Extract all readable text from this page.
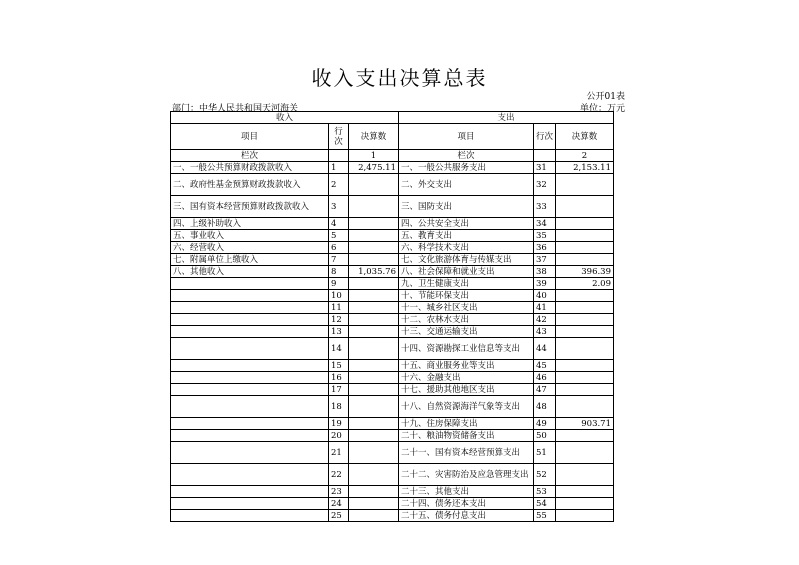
收入支出决算总表
公开01表
部门：中华人民共和国天河海关	单位：万元
收入			支出		
项目	行次	决算数	项目	行次	决算数
栏次		1	栏次		2
一、一般公共预算财政拨款收入	1	2,475.11	一、一般公共服务支出	31	2,153.11
二、政府性基金预算财政拨款收入	2		二、外交支出	32	
三、国有资本经营预算财政拨款收入	3		三、国防支出	33	
四、上级补助收入	4		四、公共安全支出	34	
五、事业收入	5		五、教育支出	35	
六、经营收入	6		六、科学技术支出	36	
七、附属单位上缴收入	7		七、文化旅游体育与传媒支出	37	
八、其他收入	8	1,035.76	八、社会保障和就业支出	38	396.39
	9		九、卫生健康支出	39	2.09
	10		十、节能环保支出	40	
	11		十一、城乡社区支出	41	
	12		十二、农林水支出	42	
	13		十三、交通运输支出	43	
	14		十四、资源勘探工业信息等支出	44	
	15		十五、商业服务业等支出	45	
	16		十六、金融支出	46	
	17		十七、援助其他地区支出	47	
	18		十八、自然资源海洋气象等支出	48	
	19		十九、住房保障支出	49	903.71
	20		二十、粮油物资储备支出	50	
	21		二十一、国有资本经营预算支出	51	
	22		二十二、灾害防治及应急管理支出	52	
	23		二十三、其他支出	53	
	24		二十四、债务还本支出	54	
	25		二十五、债务付息支出	55	
